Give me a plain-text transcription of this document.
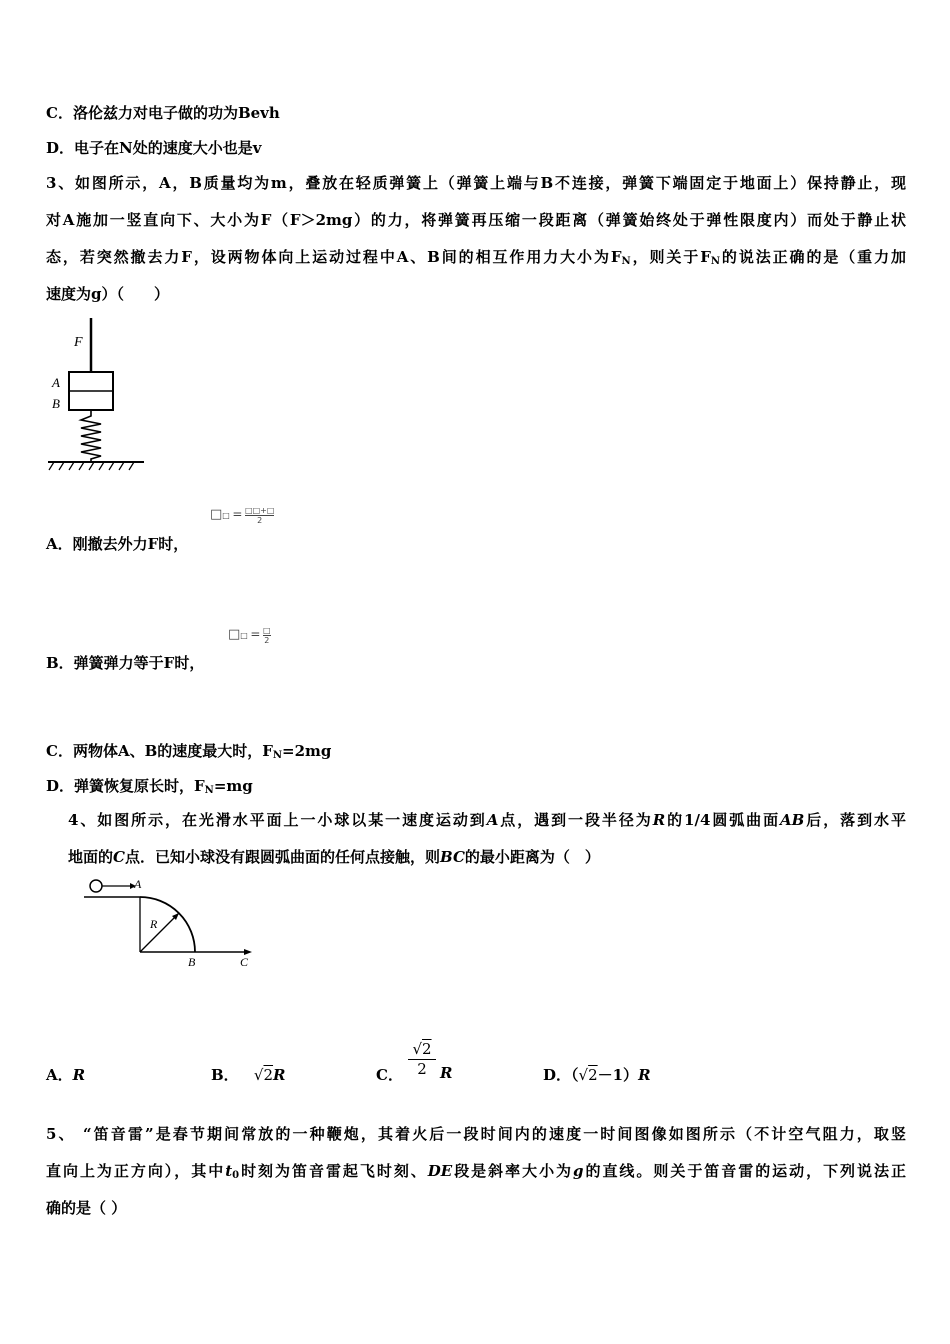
C．洛伦兹力对电子做的功为Bevh
D．电子在N处的速度大小也是v
3、如图所示，A，B质量均为m，叠放在轻质弹簧上（弹簧上端与B不连接，弹簧下端固定于地面上）保持静止，现
对A施加一竖直向下、大小为F（F＞2mg）的力，将弹簧再压缩一段距离（弹簧始终处于弹性限度内）而处于静止状
态，若突然撤去力F，设两物体向上运动过程中A、B间的相互作用力大小为$F_N$，则关于$F_N$的说法正确的是（重力加
速度为g）（　　）
F
A
B
A．刚撤去外力F时，
□□ = □□+□
2
B．弹簧弹力等于F时，
□□ = □
2
C．两物体A、B的速度最大时，$F_N=2mg$
D．弹簧恢复原长时，$F_N=mg$
4、如图所示，在光滑水平面上一小球以某一速度运动到A点，遇到一段半径为R的1/4圆弧曲面AB后，落到水平
地面的C点．已知小球没有跟圆弧曲面的任何点接触，则BC的最小距离为（　）
A
R
B	C
A．R	B． √2R	C．
√2
2 R	D．（√2－1）R
5、 “笛音雷”是春节期间常放的一种鞭炮，其着火后一段时间内的速度一时间图像如图所示（不计空气阻力，取竖
直向上为正方向），其中$t_0$时刻为笛音雷起飞时刻、DE段是斜率大小为g的直线。则关于笛音雷的运动，下列说法正
确的是（ ）
